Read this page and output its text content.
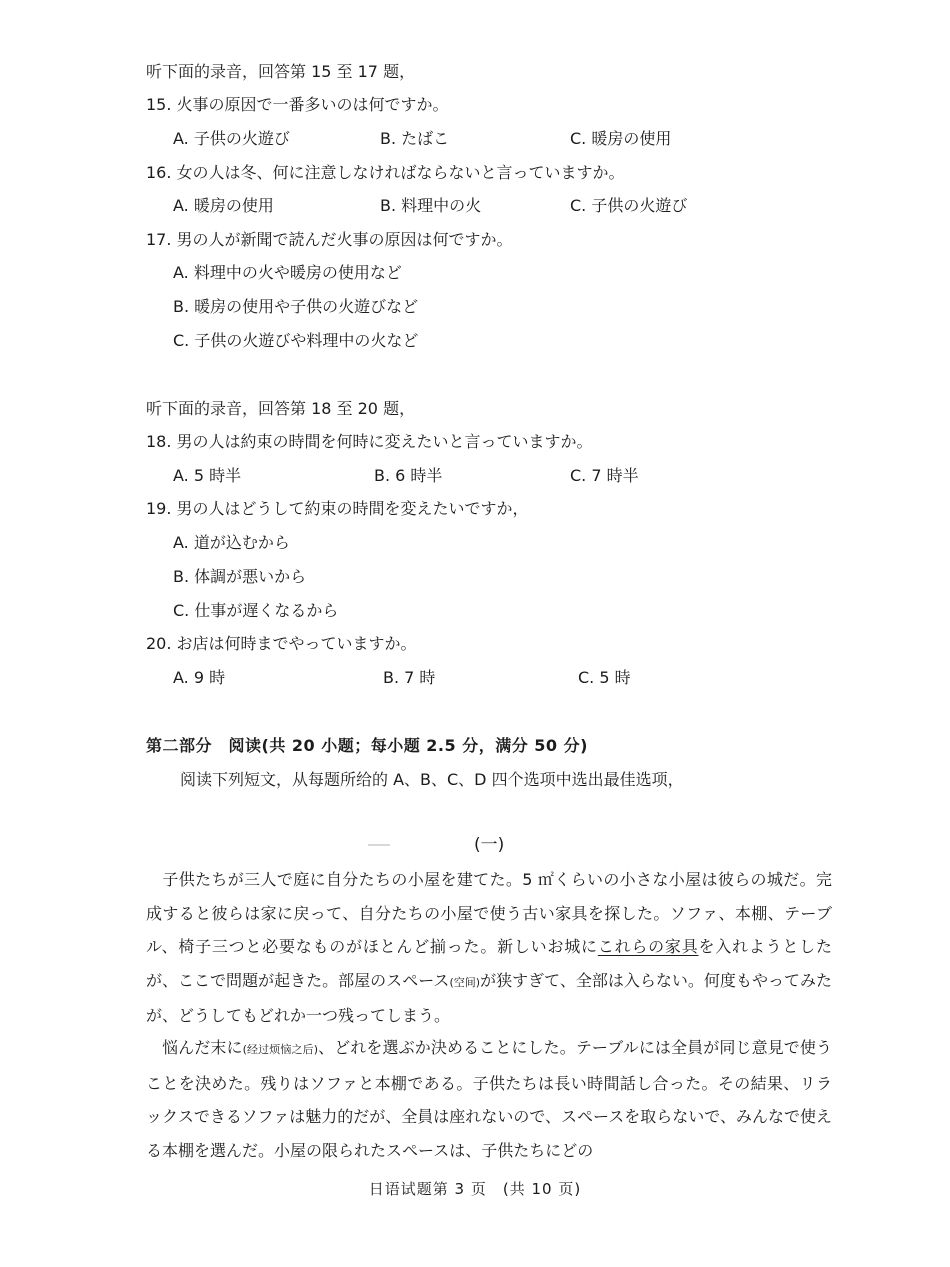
听下面的录音，回答第 15 至 17 题，
15. 火事の原因で一番多いのは何ですか。
A. 子供の火遊び	B. たばこ	C. 暖房の使用
16. 女の人は冬、何に注意しなければならないと言っていますか。
A. 暖房の使用	B. 料理中の火	C. 子供の火遊び
17. 男の人が新聞で読んだ火事の原因は何ですか。
A. 料理中の火や暖房の使用など
B. 暖房の使用や子供の火遊びなど
C. 子供の火遊びや料理中の火など
听下面的录音，回答第 18 至 20 题，
18. 男の人は約束の時間を何時に変えたいと言っていますか。
A. 5 時半	B. 6 時半	C. 7 時半
19. 男の人はどうして約束の時間を変えたいですか，
A. 道が込むから
B. 体調が悪いから
C. 仕事が遅くなるから
20. お店は何時までやっていますか。
A. 9 時	B. 7 時	C. 5 時
第二部分　阅读(共 20 小题；每小题 2.5 分，满分 50 分)
阅读下列短文，从每题所给的 A、B、C、D 四个选项中选出最佳选项，
(一)
　子供たちが三人で庭に自分たちの小屋を建てた。5 ㎡くらいの小さな小屋は彼らの城だ。完成すると彼らは家に戻って、自分たちの小屋で使う古い家具を探した。ソファ、本棚、テーブル、椅子三つと必要なものがほとんど揃った。新しいお城にこれらの家具を入れようとしたが、ここで問題が起きた。部屋のスペース(空间)が狭すぎて、全部は入らない。何度もやってみたが、どうしてもどれか一つ残ってしまう。
　悩んだ末に(经过烦恼之后)、どれを選ぶか決めることにした。テーブルには全員が同じ意見で使うことを決めた。残りはソファと本棚である。子供たちは長い時間話し合った。その結果、リラックスできるソファは魅力的だが、全員は座れないので、スペースを取らないで、みんなで使える本棚を選んだ。小屋の限られたスペースは、子供たちにどの
日语试题第 3 页　(共 10 页)
